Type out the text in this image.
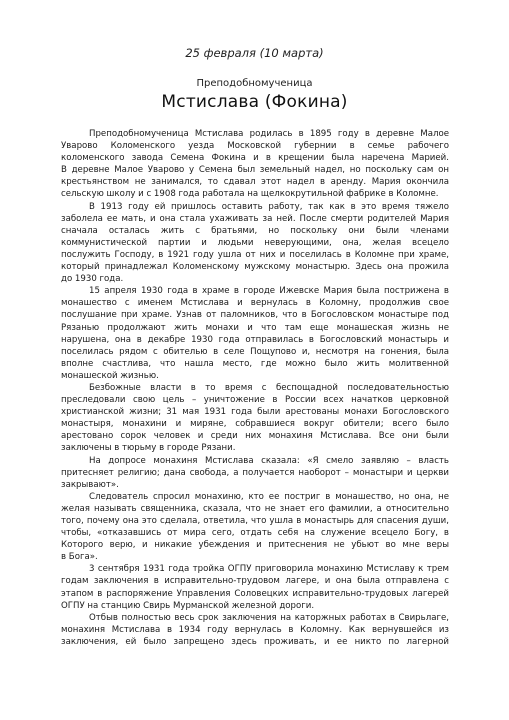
25 февраля (10 марта)
Преподобномученица
Мстислава (Фокина)
Преподобномученица Мстислава родилась в 1895 году в деревне Малое
Уварово Коломенского уезда Московской губернии в семье рабочего
коломенского завода Семена Фокина и в крещении была наречена Марией.
В деревне Малое Уварово у Семена был земельный надел, но поскольку сам он
крестьянством не занимался, то сдавал этот надел в аренду. Мария окончила
сельскую школу и с 1908 года работала на щелкокрутильной фабрике в Коломне.
В 1913 году ей пришлось оставить работу, так как в это время тяжело
заболела ее мать, и она стала ухаживать за ней. После смерти родителей Мария
сначала осталась жить с братьями, но поскольку они были членами
коммунистической партии и людьми неверующими, она, желая всецело
послужить Господу, в 1921 году ушла от них и поселилась в Коломне при храме,
который принадлежал Коломенскому мужскому монастырю. Здесь она прожила
до 1930 года.
15 апреля 1930 года в храме в городе Ижевске Мария была пострижена в
монашество с именем Мстислава и вернулась в Коломну, продолжив свое
послушание при храме. Узнав от паломников, что в Богословском монастыре под
Рязанью продолжают жить монахи и что там еще монашеская жизнь не
нарушена, она в декабре 1930 года отправилась в Богословский монастырь и
поселилась рядом с обителью в селе Пощупово и, несмотря на гонения, была
вполне счастлива, что нашла место, где можно было жить молитвенной
монашеской жизнью.
Безбожные власти в то время с беспощадной последовательностью
преследовали свою цель – уничтожение в России всех начатков церковной
христианской жизни; 31 мая 1931 года были арестованы монахи Богословского
монастыря, монахини и миряне, собравшиеся вокруг обители; всего было
арестовано сорок человек и среди них монахиня Мстислава. Все они были
заключены в тюрьму в городе Рязани.
На допросе монахиня Мстислава сказала: «Я смело заявляю – власть
притесняет религию; дана свобода, а получается наоборот – монастыри и церкви
закрывают».
Следователь спросил монахиню, кто ее постриг в монашество, но она, не
желая называть священника, сказала, что не знает его фамилии, а относительно
того, почему она это сделала, ответила, что ушла в монастырь для спасения души,
чтобы, «отказавшись от мира сего, отдать себя на служение всецело Богу, в
Которого верю, и никакие убеждения и притеснения не убьют во мне веры
в Бога».
3 сентября 1931 года тройка ОГПУ приговорила монахиню Мстиславу к трем
годам заключения в исправительно-трудовом лагере, и она была отправлена с
этапом в распоряжение Управления Соловецких исправительно-трудовых лагерей
ОГПУ на станцию Свирь Мурманской железной дороги.
Отбыв полностью весь срок заключения на каторжных работах в Свирьлаге,
монахиня Мстислава в 1934 году вернулась в Коломну. Как вернувшейся из
заключения, ей было запрещено здесь проживать, и ее никто по лагерной
